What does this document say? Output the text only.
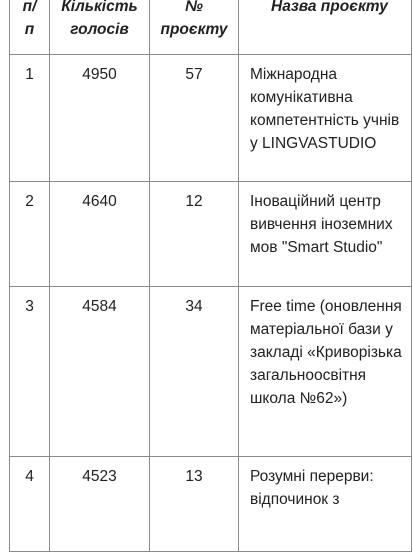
п/ п	Кількість голосів	№ проєкту	Назва проєкту
1	4950	57	Міжнародна комунікативна компетентність учнів у LINGVASTUDIO
2	4640	12	Іноваційний центр вивчення іноземних мов "Smart Studio"
3	4584	34	Free time (оновлення матеріальної бази у закладі «Криворізька загальноосвітня школа №62»)
4	4523	13	Розумні перерви: відпочинок з
